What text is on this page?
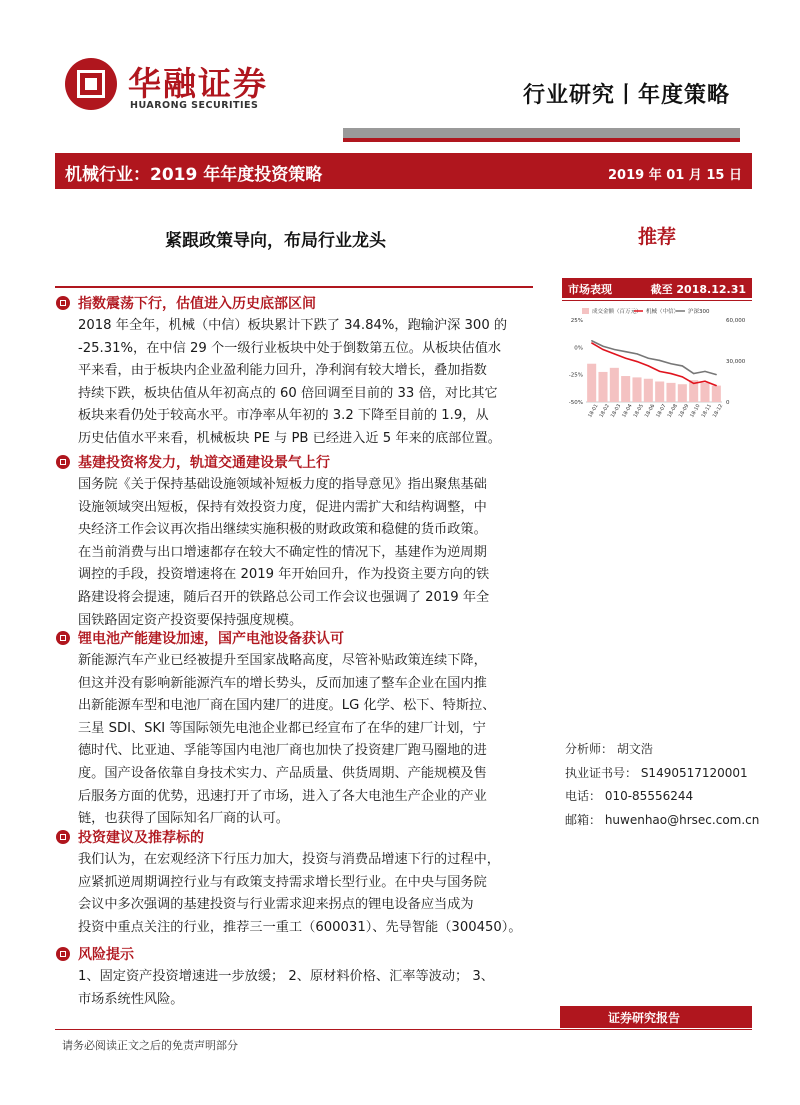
华融证券
HUARONG SECURITIES	行业研究丨年度策略
机械行业：2019 年年度投资策略	2019 年 01 月 15 日
紧跟政策导向，布局行业龙头	推荐
市场表现	截至 2018.12.31
成交金额（百万元） 机械（中信） 沪深300
25%
0%
-25%
-50%
60,000
30,000
0
18-01
18-02
18-03
18-04
18-05
18-06
18-07
18-08
18-09
18-10
18-11
18-12
分析师： 胡文浩
执业证书号： S1490517120001
电话： 010-85556244
邮箱： huwenhao@hrsec.com.cn
指数震荡下行，估值进入历史底部区间
2018 年全年，机械（中信）板块累计下跌了 34.84%，跑输沪深 300 的
-25.31%，在中信 29 个一级行业板块中处于倒数第五位。从板块估值水
平来看，由于板块内企业盈利能力回升，净利润有较大增长，叠加指数
持续下跌，板块估值从年初高点的 60 倍回调至目前的 33 倍，对比其它
板块来看仍处于较高水平。市净率从年初的 3.2 下降至目前的 1.9，从
历史估值水平来看，机械板块 PE 与 PB 已经进入近 5 年来的底部位置。
基建投资将发力，轨道交通建设景气上行
国务院《关于保持基础设施领域补短板力度的指导意见》指出聚焦基础
设施领域突出短板，保持有效投资力度，促进内需扩大和结构调整，中
央经济工作会议再次指出继续实施积极的财政政策和稳健的货币政策。
在当前消费与出口增速都存在较大不确定性的情况下，基建作为逆周期
调控的手段，投资增速将在 2019 年开始回升，作为投资主要方向的铁
路建设将会提速，随后召开的铁路总公司工作会议也强调了 2019 年全
国铁路固定资产投资要保持强度规模。
锂电池产能建设加速，国产电池设备获认可
新能源汽车产业已经被提升至国家战略高度，尽管补贴政策连续下降，
但这并没有影响新能源汽车的增长势头，反而加速了整车企业在国内推
出新能源车型和电池厂商在国内建厂的进度。LG 化学、松下、特斯拉、
三星 SDI、SKI 等国际领先电池企业都已经宣布了在华的建厂计划，宁
德时代、比亚迪、孚能等国内电池厂商也加快了投资建厂跑马圈地的进
度。国产设备依靠自身技术实力、产品质量、供货周期、产能规模及售
后服务方面的优势，迅速打开了市场，进入了各大电池生产企业的产业
链，也获得了国际知名厂商的认可。
投资建议及推荐标的
我们认为，在宏观经济下行压力加大，投资与消费品增速下行的过程中，
应紧抓逆周期调控行业与有政策支持需求增长型行业。在中央与国务院
会议中多次强调的基建投资与行业需求迎来拐点的锂电设备应当成为
投资中重点关注的行业，推荐三一重工（600031）、先导智能（300450）。
风险提示
1、固定资产投资增速进一步放缓； 2、原材料价格、汇率等波动； 3、
市场系统性风险。
证券研究报告
请务必阅读正文之后的免责声明部分
